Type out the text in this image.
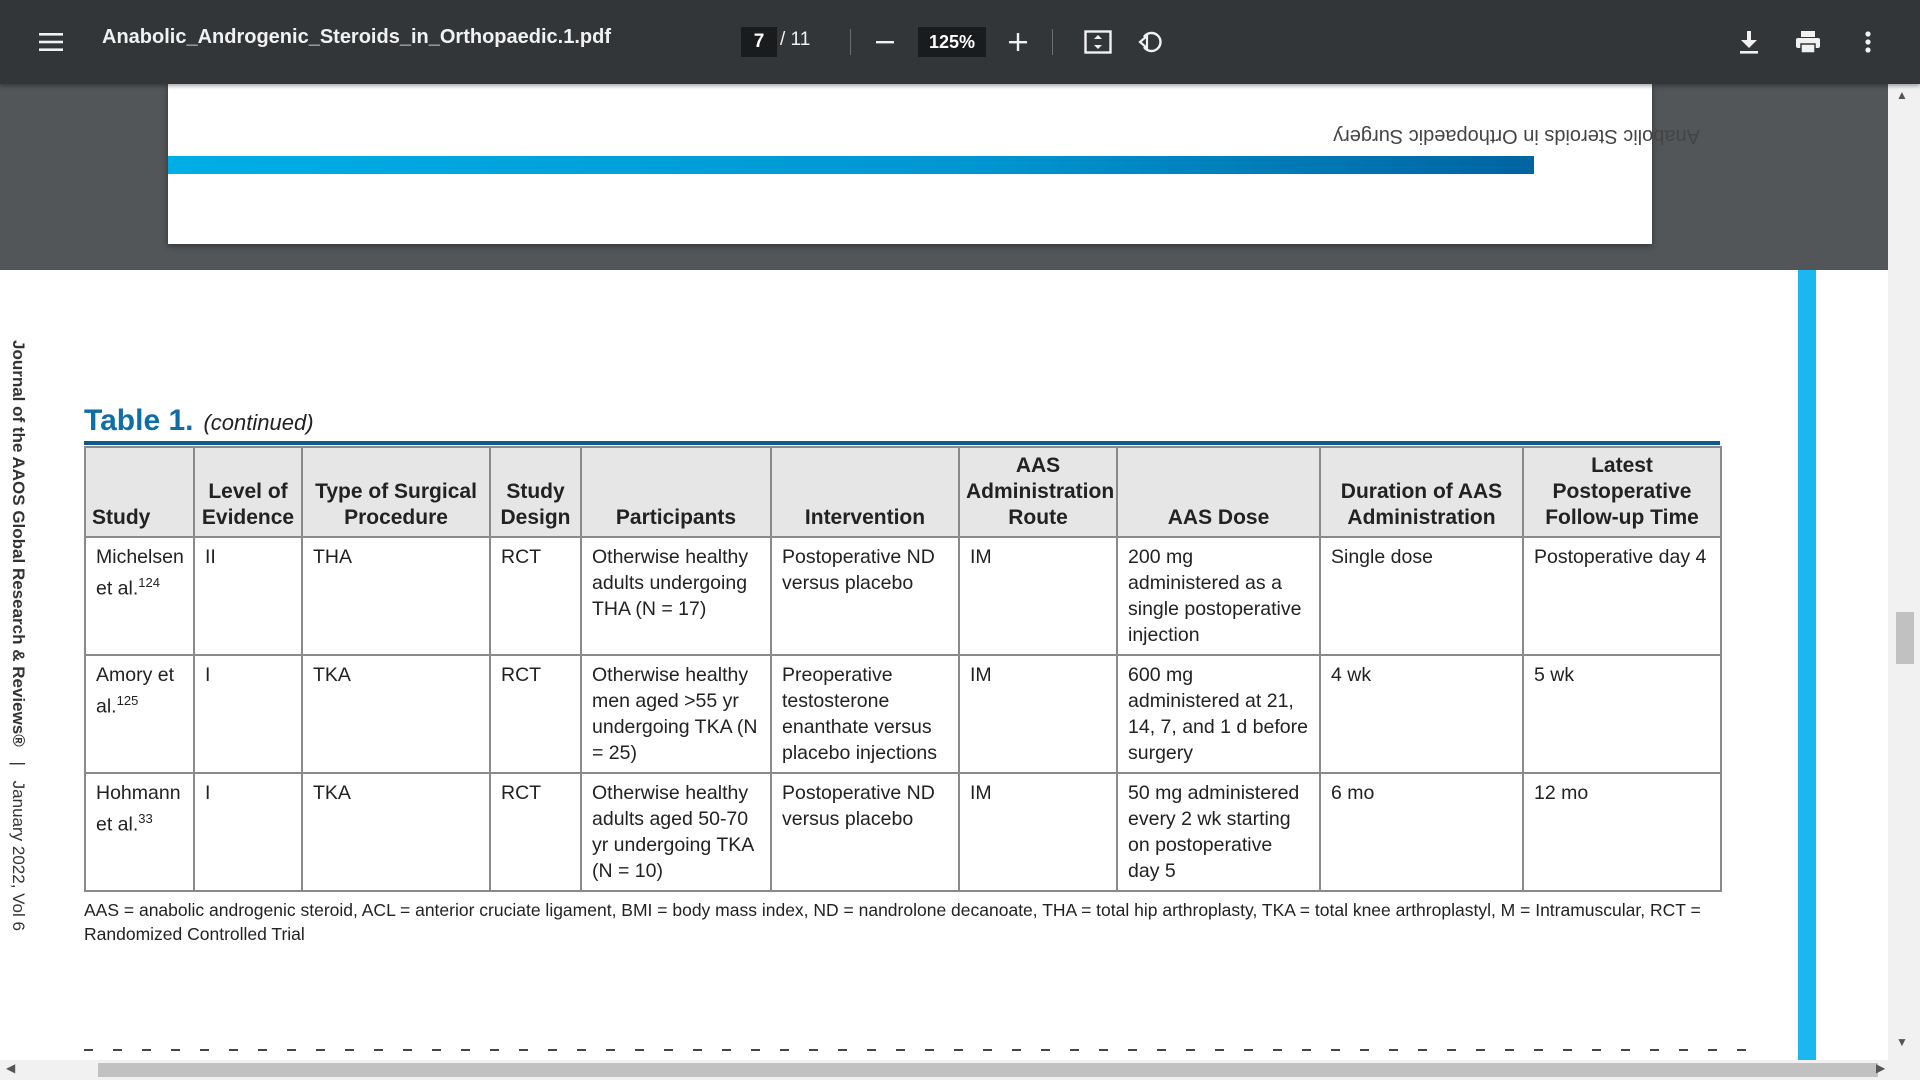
Anabolic_Androgenic_Steroids_in_Orthopaedic.1.pdf	7 / 11	125%
Anabolic Steroids in Orthopaedic Surgery
Journal of the AAOS Global Research & Reviews® | January 2022, Vol 6
Table 1. (continued)
Study	Level of Evidence	Type of Surgical Procedure	Study Design	Participants	Intervention	AAS Administration Route	AAS Dose	Duration of AAS Administration	Latest Postoperative Follow-up Time
Michelsen et al.$^{124}$	II	THA	RCT	Otherwise healthy adults undergoing THA (N = 17)	Postoperative ND versus placebo	IM	200 mg administered as a single postoperative injection	Single dose	Postoperative day 4
Amory et al.$^{125}$	I	TKA	RCT	Otherwise healthy men aged >55 yr undergoing TKA (N = 25)	Preoperative testosterone enanthate versus placebo injections	IM	600 mg administered at 21, 14, 7, and 1 d before surgery	4 wk	5 wk
Hohmann et al.$^{33}$	I	TKA	RCT	Otherwise healthy adults aged 50-70 yr undergoing TKA (N = 10)	Postoperative ND versus placebo	IM	50 mg administered every 2 wk starting on postoperative day 5	6 mo	12 mo
AAS = anabolic androgenic steroid, ACL = anterior cruciate ligament, BMI = body mass index, ND = nandrolone decanoate, THA = total hip arthroplasty, TKA = total knee arthroplastyl, M = Intramuscular, RCT = Randomized Controlled Trial
▲
▼
◀	▶
